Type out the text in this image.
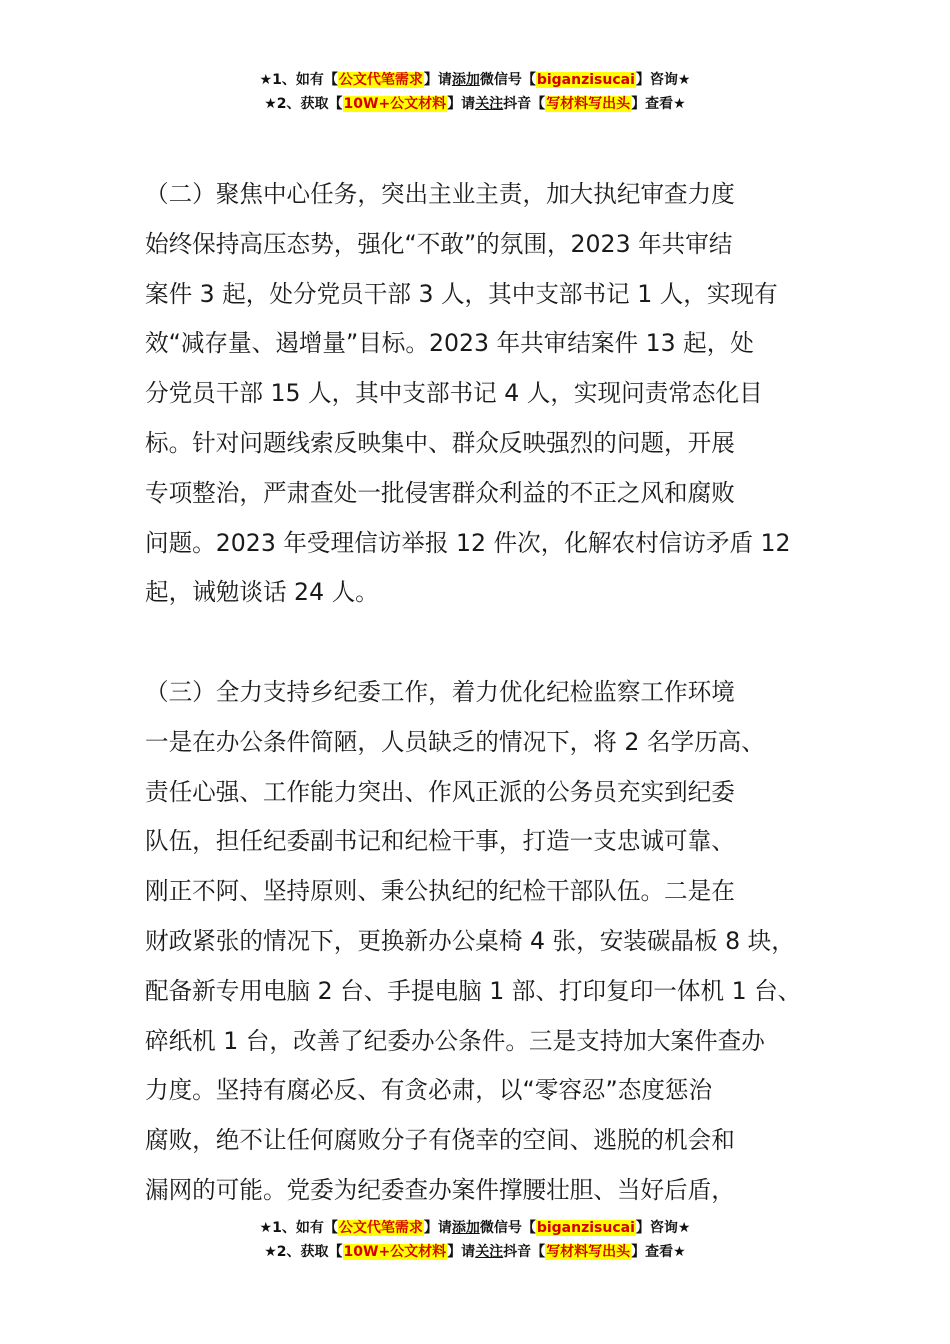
★1、如有【公文代笔需求】请添加微信号【biganzisucai】咨询★
★2、获取【10W+公文材料】请关注抖音【写材料写出头】查看★
（二）聚焦中心任务，突出主业主责，加大执纪审查力度
始终保持高压态势，强化“不敢”的氛围，2023 年共审结
案件 3 起，处分党员干部 3 人，其中支部书记 1 人，实现有
效“减存量、遏增量”目标。2023 年共审结案件 13 起，处
分党员干部 15 人，其中支部书记 4 人，实现问责常态化目
标。针对问题线索反映集中、群众反映强烈的问题，开展
专项整治，严肃查处一批侵害群众利益的不正之风和腐败
问题。2023 年受理信访举报 12 件次，化解农村信访矛盾 12
起，诫勉谈话 24 人。
（三）全力支持乡纪委工作，着力优化纪检监察工作环境
一是在办公条件简陋，人员缺乏的情况下，将 2 名学历高、
责任心强、工作能力突出、作风正派的公务员充实到纪委
队伍，担任纪委副书记和纪检干事，打造一支忠诚可靠、
刚正不阿、坚持原则、秉公执纪的纪检干部队伍。二是在
财政紧张的情况下，更换新办公桌椅 4 张，安装碳晶板 8 块，
配备新专用电脑 2 台、手提电脑 1 部、打印复印一体机 1 台、
碎纸机 1 台，改善了纪委办公条件。三是支持加大案件查办
力度。坚持有腐必反、有贪必肃，以“零容忍”态度惩治
腐败，绝不让任何腐败分子有侥幸的空间、逃脱的机会和
漏网的可能。党委为纪委查办案件撑腰壮胆、当好后盾，
★1、如有【公文代笔需求】请添加微信号【biganzisucai】咨询★
★2、获取【10W+公文材料】请关注抖音【写材料写出头】查看★
